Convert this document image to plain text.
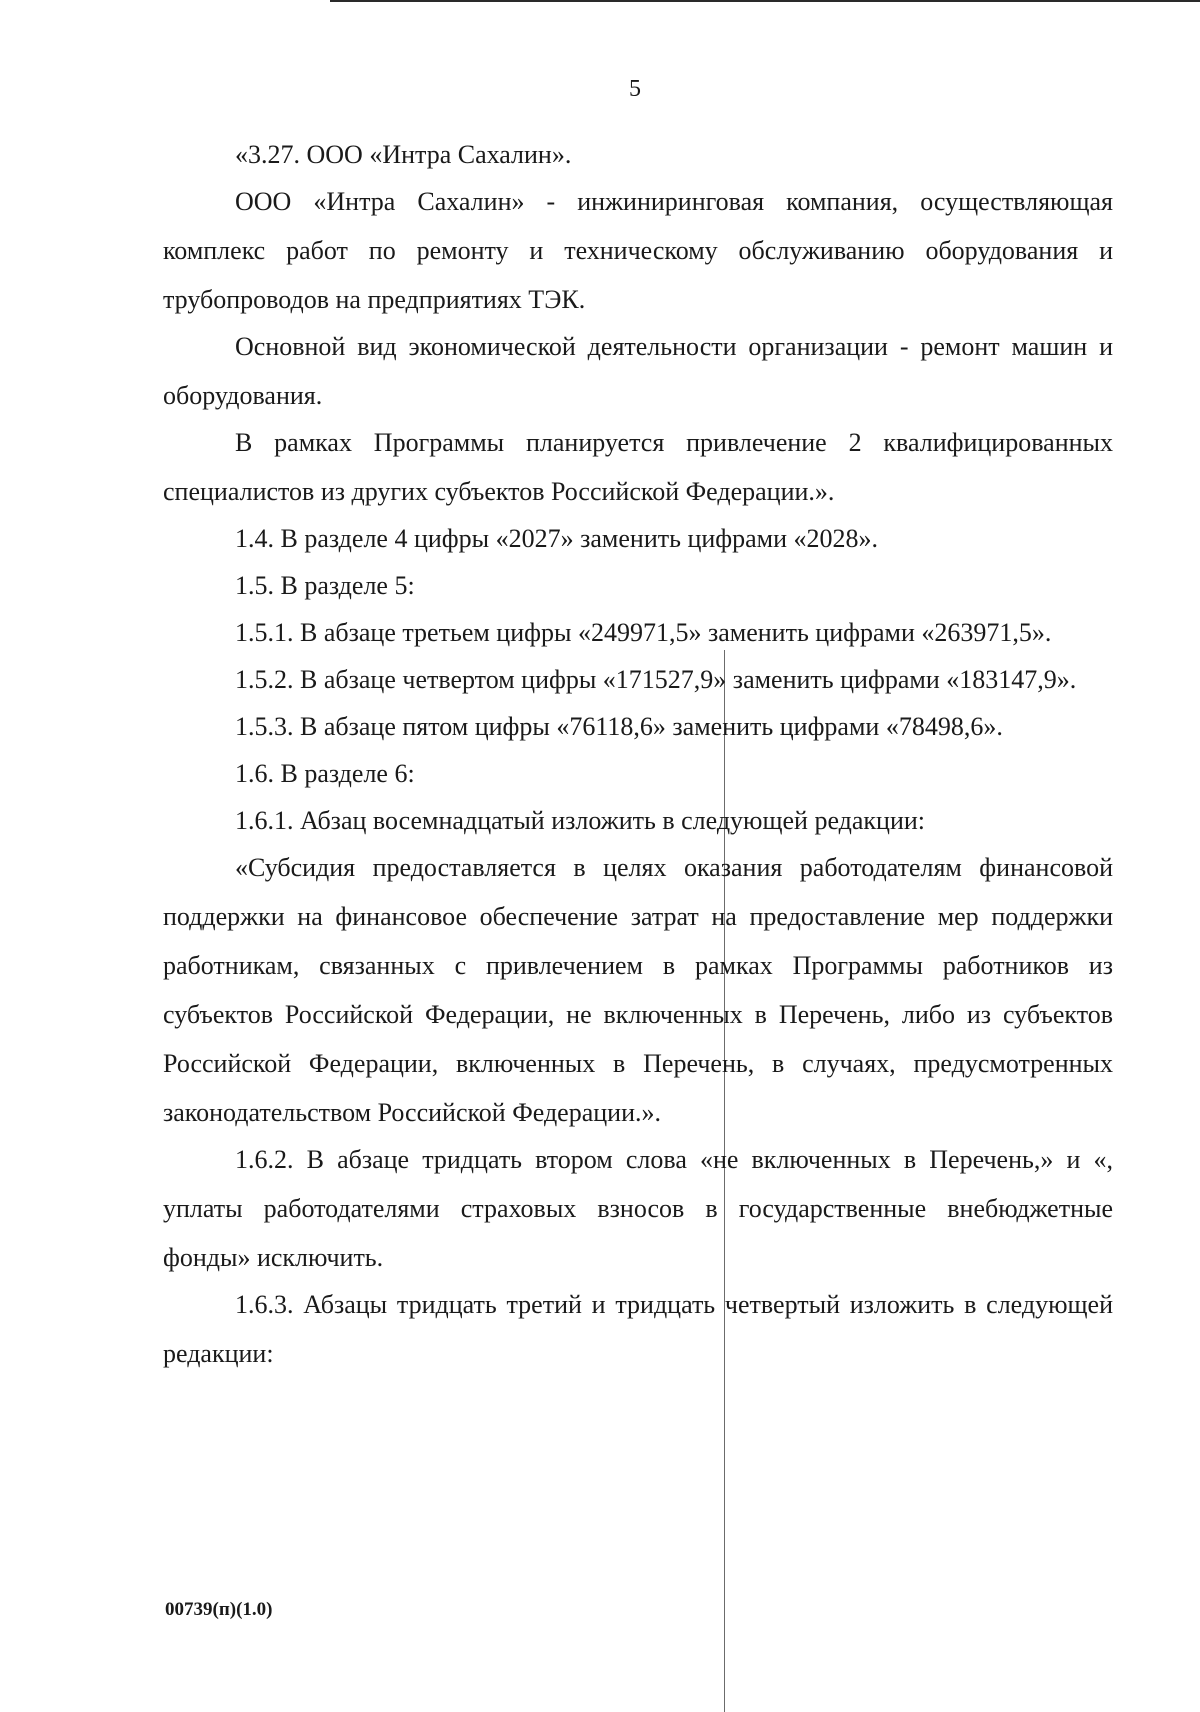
5

«3.27. ООО «Интра Сахалин».

ООО «Интра Сахалин» - инжиниринговая компания, осуществляющая комплекс работ по ремонту и техническому обслуживанию оборудования и трубопроводов на предприятиях ТЭК.

Основной вид экономической деятельности организации - ремонт машин и оборудования.

В рамках Программы планируется привлечение 2 квалифицированных специалистов из других субъектов Российской Федерации.».

1.4. В разделе 4 цифры «2027» заменить цифрами «2028».

1.5. В разделе 5:

1.5.1. В абзаце третьем цифры «249971,5» заменить цифрами «263971,5».

1.5.2. В абзаце четвертом цифры «171527,9» заменить цифрами «183147,9».

1.5.3. В абзаце пятом цифры «76118,6» заменить цифрами «78498,6».

1.6. В разделе 6:

1.6.1. Абзац восемнадцатый изложить в следующей редакции:

«Субсидия предоставляется в целях оказания работодателям финансовой поддержки на финансовое обеспечение затрат на предоставление мер поддержки работникам, связанных с привлечением в рамках Программы работников из субъектов Российской Федерации, не включенных в Перечень, либо из субъектов Российской Федерации, включенных в Перечень, в случаях, предусмотренных законодательством Российской Федерации.».

1.6.2. В абзаце тридцать втором слова «не включенных в Перечень,» и «, уплаты работодателями страховых взносов в государственные внебюджетные фонды» исключить.

1.6.3. Абзацы тридцать третий и тридцать четвертый изложить в следующей редакции:

00739(п)(1.0)
